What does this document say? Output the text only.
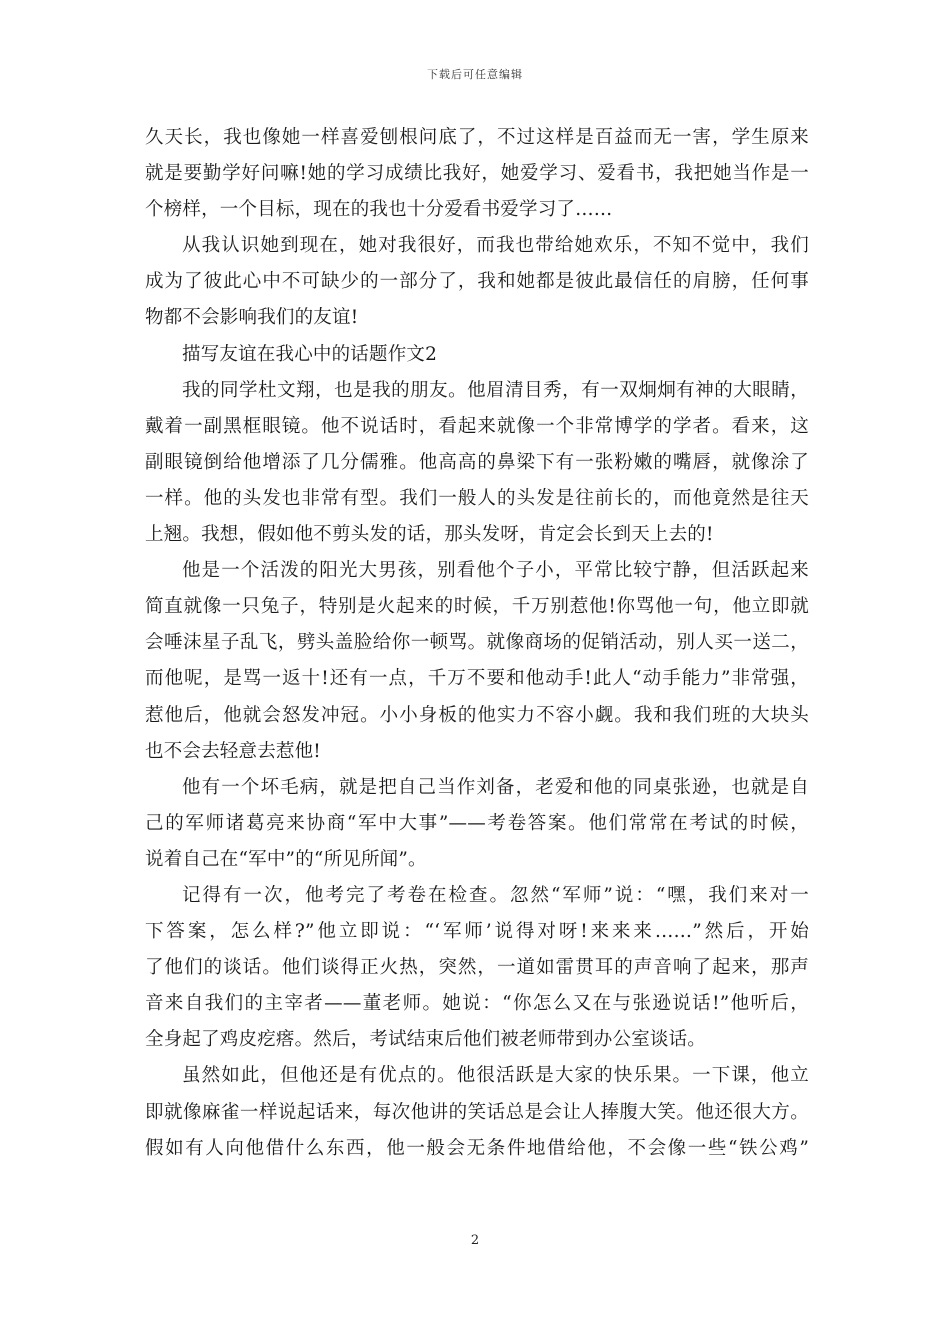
下载后可任意编辑
久天长，我也像她一样喜爱刨根问底了，不过这样是百益而无一害，学生原来
就是要勤学好问嘛!她的学习成绩比我好，她爱学习、爱看书，我把她当作是一
个榜样，一个目标，现在的我也十分爱看书爱学习了……
从我认识她到现在，她对我很好，而我也带给她欢乐，不知不觉中，我们
成为了彼此心中不可缺少的一部分了，我和她都是彼此最信任的肩膀，任何事
物都不会影响我们的友谊!
描写友谊在我心中的话题作文2
我的同学杜文翔，也是我的朋友。他眉清目秀，有一双炯炯有神的大眼睛，
戴着一副黑框眼镜。他不说话时，看起来就像一个非常博学的学者。看来，这
副眼镜倒给他增添了几分儒雅。他高高的鼻梁下有一张粉嫩的嘴唇，就像涂了
一样。他的头发也非常有型。我们一般人的头发是往前长的，而他竟然是往天
上翘。我想，假如他不剪头发的话，那头发呀，肯定会长到天上去的!
他是一个活泼的阳光大男孩，别看他个子小，平常比较宁静，但活跃起来
简直就像一只兔子，特别是火起来的时候，千万别惹他!你骂他一句，他立即就
会唾沫星子乱飞，劈头盖脸给你一顿骂。就像商场的促销活动，别人买一送二，
而他呢，是骂一返十!还有一点，千万不要和他动手!此人“动手能力”非常强，
惹他后，他就会怒发冲冠。小小身板的他实力不容小觑。我和我们班的大块头
也不会去轻意去惹他!
他有一个坏毛病，就是把自己当作刘备，老爱和他的同桌张逊，也就是自
己的军师诸葛亮来协商“军中大事”——考卷答案。他们常常在考试的时候，
说着自己在“军中”的“所见所闻”。
记得有一次，他考完了考卷在检查。忽然“军师”说：“嘿，我们来对一
下答案，怎么样?”他立即说：“‘军师’说得对呀!来来来……”然后，开始
了他们的谈话。他们谈得正火热，突然，一道如雷贯耳的声音响了起来，那声
音来自我们的主宰者——董老师。她说：“你怎么又在与张逊说话!”他听后，
全身起了鸡皮疙瘩。然后，考试结束后他们被老师带到办公室谈话。
虽然如此，但他还是有优点的。他很活跃是大家的快乐果。一下课，他立
即就像麻雀一样说起话来，每次他讲的笑话总是会让人捧腹大笑。他还很大方。
假如有人向他借什么东西，他一般会无条件地借给他，不会像一些“铁公鸡”
2
